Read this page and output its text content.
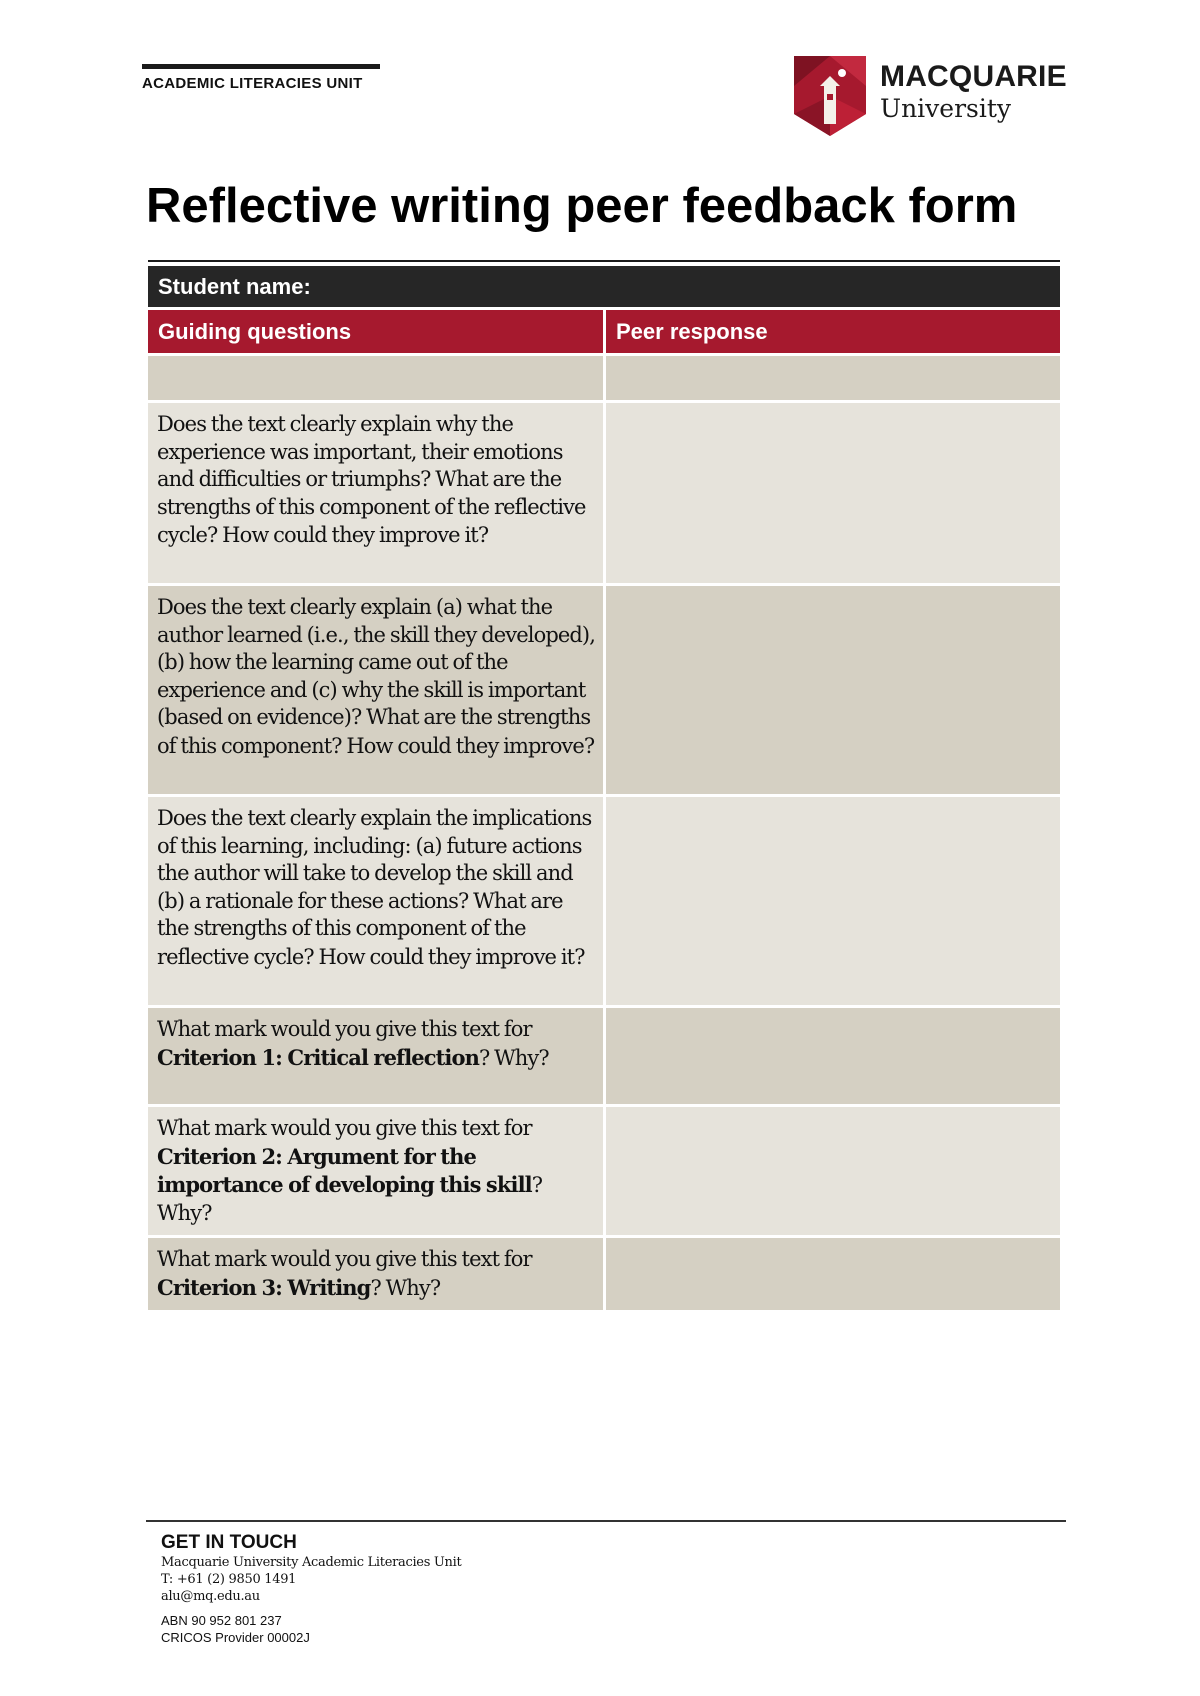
ACADEMIC LITERACIES UNIT	MACQUARIE
University
Reflective writing peer feedback form
Student name:	
Guiding questions	Peer response

Does the text clearly explain why the experience was important, their emotions and difficulties or triumphs? What are the strengths of this component of the reflective cycle? How could they improve it?	

Does the text clearly explain (a) what the author learned (i.e., the skill they developed), (b) how the learning came out of the experience and (c) why the skill is important (based on evidence)? What are the strengths of this component? How could they improve?	

Does the text clearly explain the implications of this learning, including: (a) future actions the author will take to develop the skill and (b) a rationale for these actions? What are the strengths of this component of the reflective cycle? How could they improve it?	

What mark would you give this text for Criterion 1: Critical reflection? Why?	

What mark would you give this text for Criterion 2: Argument for the importance of developing this skill? Why?	

What mark would you give this text for Criterion 3: Writing? Why?	

GET IN TOUCH
Macquarie University Academic Literacies Unit
T: +61 (2) 9850 1491
alu@mq.edu.au
ABN 90 952 801 237
CRICOS Provider 00002J
